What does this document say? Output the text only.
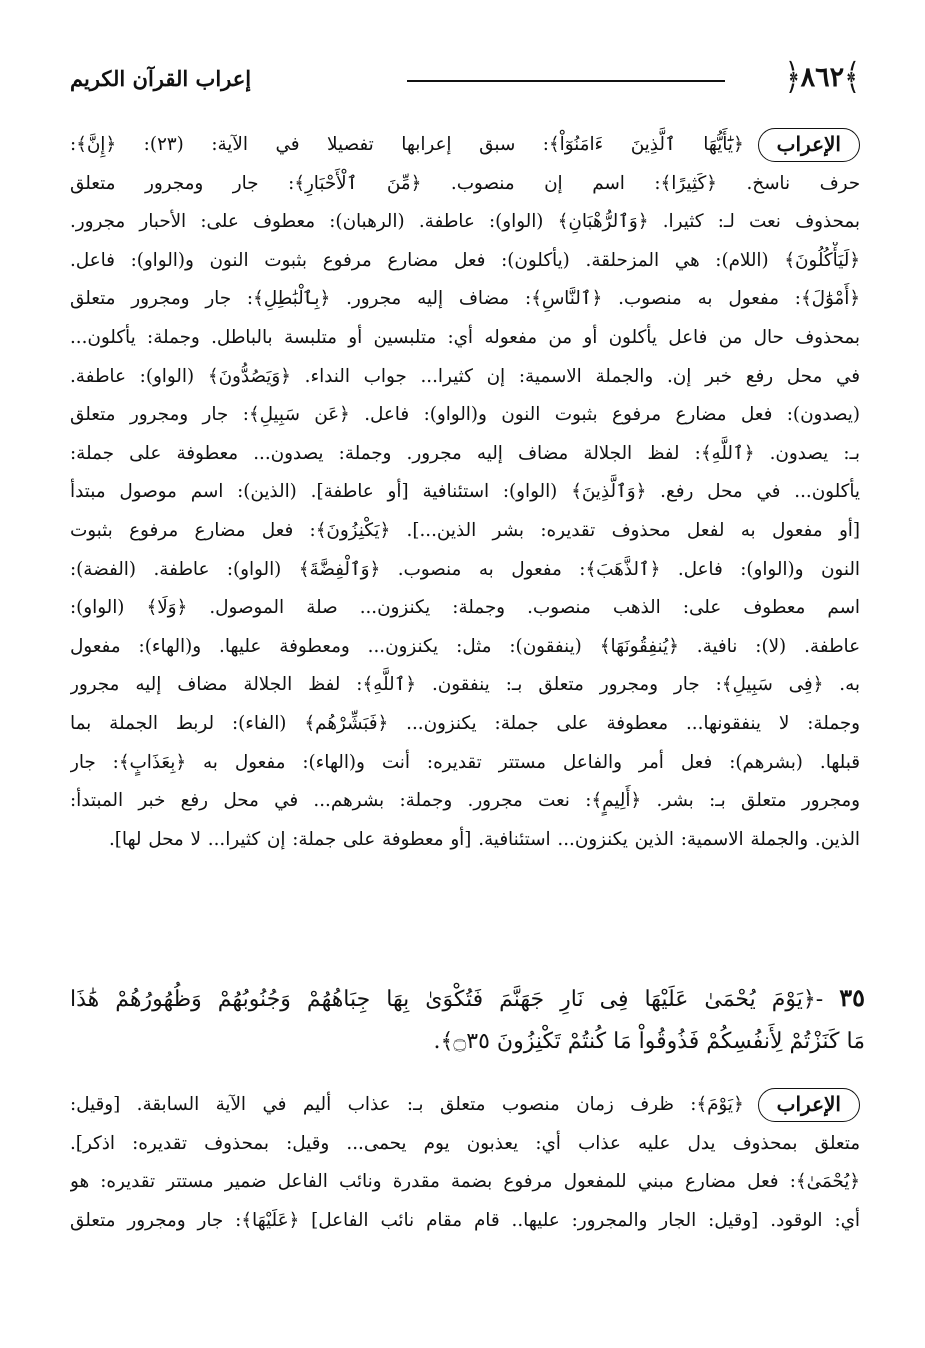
﴾٨٦٢﴿
إعراب القرآن الكريم
الإعراب
﴿يَٰٓأَيُّهَا ٱلَّذِينَ ءَامَنُوٓاْ﴾: سبق إعرابها تفصيلا في الآية: (٢٣): ﴿إِنَّ﴾:
حرف ناسخ. ﴿كَثِيرًا﴾: اسم إن منصوب. ﴿مِّنَ ٱلْأَحْبَارِ﴾: جار ومجرور متعلق
بمحذوف نعت لـ: كثيرا. ﴿وَٱلرُّهْبَانِ﴾ (الواو): عاطفة. (الرهبان): معطوف على: الأحبار مجرور.
﴿لَيَأْكُلُونَ﴾ (اللام): هي المزحلقة. (يأكلون): فعل مضارع مرفوع بثبوت النون و(الواو): فاعل.
﴿أَمْوَٰلَ﴾: مفعول به منصوب. ﴿ٱلنَّاسِ﴾: مضاف إليه مجرور. ﴿بِٱلْبَٰطِلِ﴾: جار ومجرور متعلق
بمحذوف حال من فاعل يأكلون أو من مفعوله أي: متلبسين أو متلبسة بالباطل. وجملة: يأكلون...
في محل رفع خبر إن. والجملة الاسمية: إن كثيرا... جواب النداء. ﴿وَيَصُدُّونَ﴾ (الواو): عاطفة.
(يصدون): فعل مضارع مرفوع بثبوت النون و(الواو): فاعل. ﴿عَن سَبِيلِ﴾: جار ومجرور متعلق
بـ: يصدون. ﴿ٱللَّهِ﴾: لفظ الجلالة مضاف إليه مجرور. وجملة: يصدون... معطوفة على جملة:
يأكلون... في محل رفع. ﴿وَٱلَّذِينَ﴾ (الواو): استئنافية [أو عاطفة]. (الذين): اسم موصول مبتدأ
[أو مفعول به لفعل محذوف تقديره: بشر الذين...]. ﴿يَكْنِزُونَ﴾: فعل مضارع مرفوع بثبوت
النون و(الواو): فاعل. ﴿ٱلذَّهَبَ﴾: مفعول به منصوب. ﴿وَٱلْفِضَّةَ﴾ (الواو): عاطفة. (الفضة):
اسم معطوف على: الذهب منصوب. وجملة: يكنزون... صلة الموصول. ﴿وَلَا﴾ (الواو):
عاطفة. (لا): نافية. ﴿يُنفِقُونَهَا﴾ (ينفقون): مثل: يكنزون... ومعطوفة عليها. و(الهاء): مفعول
به. ﴿فِى سَبِيلِ﴾: جار ومجرور متعلق بـ: ينفقون. ﴿ٱللَّهِ﴾: لفظ الجلالة مضاف إليه مجرور
وجملة: لا ينفقونها... معطوفة على جملة: يكنزون... ﴿فَبَشِّرْهُم﴾ (الفاء): لربط الجملة بما
قبلها. (بشرهم): فعل أمر والفاعل مستتر تقديره: أنت و(الهاء): مفعول به ﴿بِعَذَابٍ﴾: جار
ومجرور متعلق بـ: بشر. ﴿أَلِيمٍ﴾: نعت مجرور. وجملة: بشرهم... في محل رفع خبر المبتدأ:
الذين. والجملة الاسمية: الذين يكنزون... استئنافية. [أو معطوفة على جملة: إن كثيرا... لا محل لها].
٣٥ -﴿يَوْمَ يُحْمَىٰ عَلَيْهَا فِى نَارِ جَهَنَّمَ فَتُكْوَىٰ بِهَا جِبَاهُهُمْ وَجُنُوبُهُمْ وَظُهُورُهُمْ هَٰذَا
مَا كَنَزْتُمْ لِأَنفُسِكُمْ فَذُوقُواْ مَا كُنتُمْ تَكْنِزُونَ ۝٣٥﴾.
الإعراب
﴿يَوْمَ﴾: ظرف زمان منصوب متعلق بـ: عذاب أليم في الآية السابقة. [وقيل:
متعلق بمحذوف يدل عليه عذاب أي: يعذبون يوم يحمى... وقيل: بمحذوف تقديره: اذكر].
﴿يُحْمَىٰ﴾: فعل مضارع مبني للمفعول مرفوع بضمة مقدرة ونائب الفاعل ضمير مستتر تقديره: هو
أي: الوقود. [وقيل: الجار والمجرور: عليها.. قام مقام نائب الفاعل] ﴿عَلَيْهَا﴾: جار ومجرور متعلق
